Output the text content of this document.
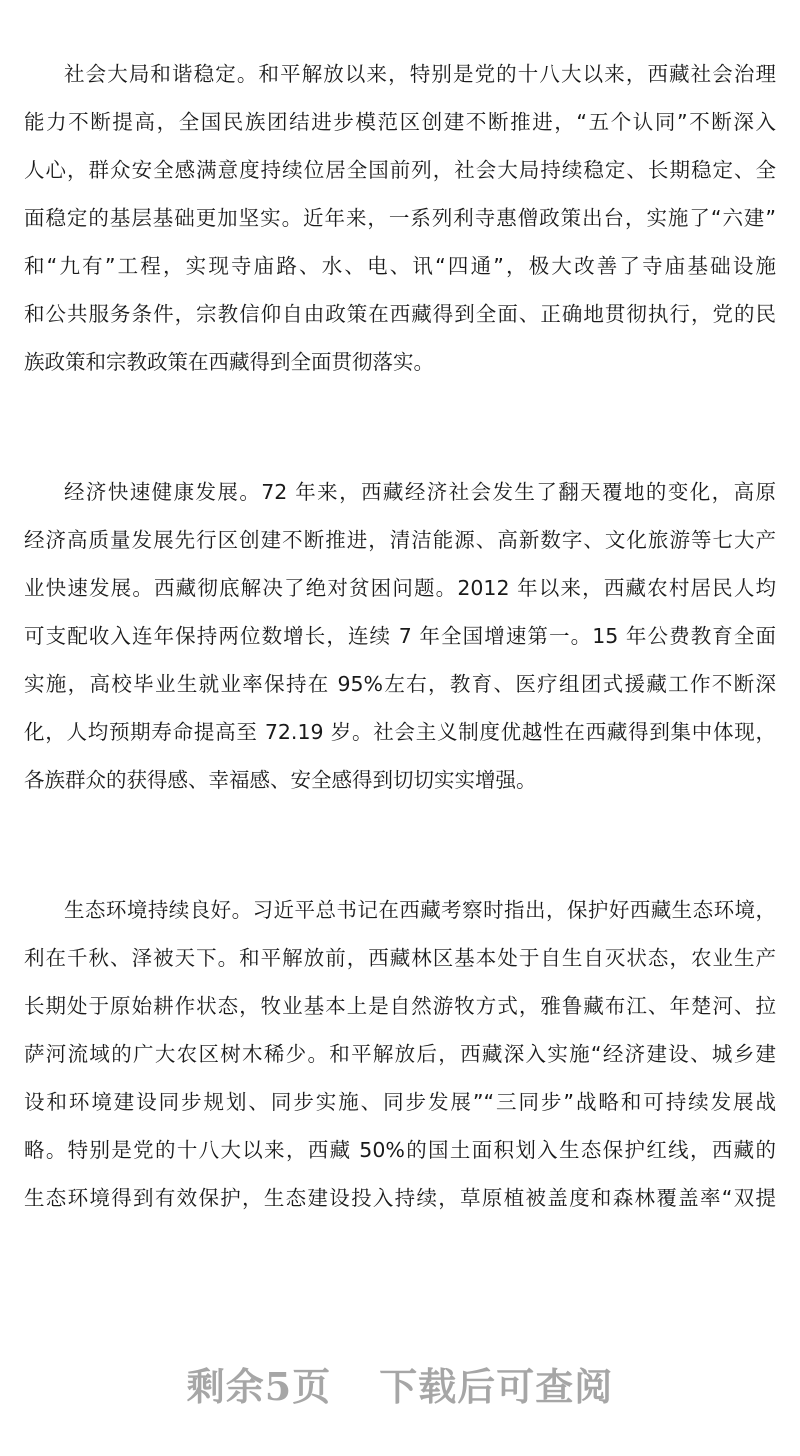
社会大局和谐稳定。和平解放以来，特别是党的十八大以来，西藏社会治理
能力不断提高，全国民族团结进步模范区创建不断推进，“五个认同”不断深入
人心，群众安全感满意度持续位居全国前列，社会大局持续稳定、长期稳定、全
面稳定的基层基础更加坚实。近年来，一系列利寺惠僧政策出台，实施了“六建”
和“九有”工程，实现寺庙路、水、电、讯“四通”，极大改善了寺庙基础设施
和公共服务条件，宗教信仰自由政策在西藏得到全面、正确地贯彻执行，党的民
族政策和宗教政策在西藏得到全面贯彻落实。
经济快速健康发展。72 年来，西藏经济社会发生了翻天覆地的变化，高原
经济高质量发展先行区创建不断推进，清洁能源、高新数字、文化旅游等七大产
业快速发展。西藏彻底解决了绝对贫困问题。2012 年以来，西藏农村居民人均
可支配收入连年保持两位数增长，连续 7 年全国增速第一。15 年公费教育全面
实施，高校毕业生就业率保持在 95%左右，教育、医疗组团式援藏工作不断深
化，人均预期寿命提高至 72.19 岁。社会主义制度优越性在西藏得到集中体现，
各族群众的获得感、幸福感、安全感得到切切实实增强。
生态环境持续良好。习近平总书记在西藏考察时指出，保护好西藏生态环境，
利在千秋、泽被天下。和平解放前，西藏林区基本处于自生自灭状态，农业生产
长期处于原始耕作状态，牧业基本上是自然游牧方式，雅鲁藏布江、年楚河、拉
萨河流域的广大农区树木稀少。和平解放后，西藏深入实施“经济建设、城乡建
设和环境建设同步规划、同步实施、同步发展”“三同步”战略和可持续发展战
略。特别是党的十八大以来，西藏 50%的国土面积划入生态保护红线，西藏的
生态环境得到有效保护，生态建设投入持续，草原植被盖度和森林覆盖率“双提
剩余5页 下载后可查阅
